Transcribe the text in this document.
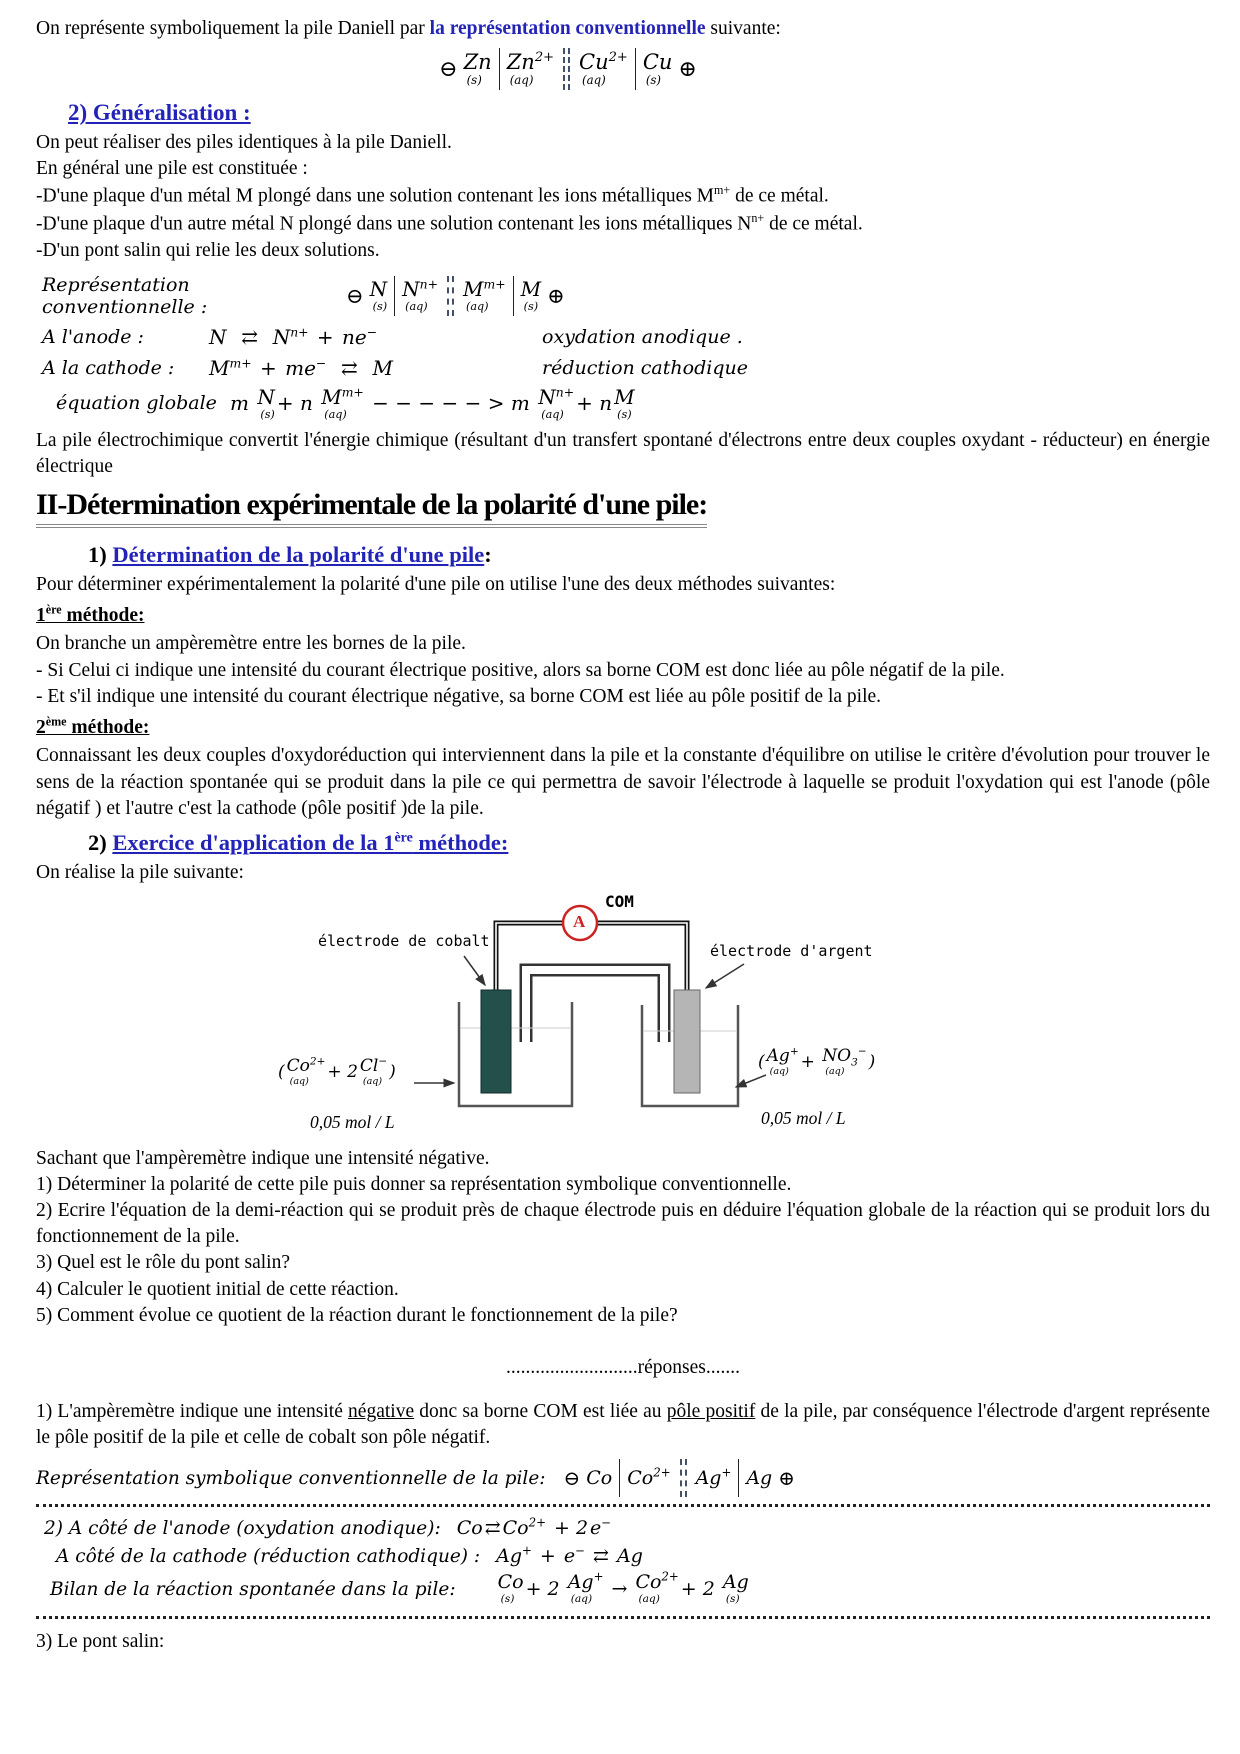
On représente symboliquement la pile Daniell par la représentation conventionnelle suivante:

⊖ Zn
(s)
$Zn^{2+}$
(aq)
$Cu^{2+}$
(aq)
Cu
(s) ⊕
2) Généralisation :

On peut réaliser des piles identiques à la pile Daniell.

En général une pile est constituée :

-D'une plaque d'un métal M plongé dans une solution contenant les ions métalliques $M^{m+}$ de ce métal.

-D'une plaque d'un autre métal N plongé dans une solution contenant les ions métalliques $N^{n+}$ de ce métal.

-D'un pont salin qui relie les deux solutions.

Représentation conventionnelle :	⊖ N
(s)
$N^{n+}$
(aq)
$M^{m+}$
(aq)
M
(s) ⊕
A l'anode :	N ⇄ $N^{n+} + ne^-$	oxydation anodique .
A la cathode :	$M^{m+} + me^-$ ⇄ M	réduction cathodique
équation globale m N
(s) + n $M^{m+}$
(aq) − − − − − > m $N^{n+}$
(aq) + n M
(s)

La pile électrochimique convertit l'énergie chimique (résultant d'un transfert spontané d'électrons entre deux couples oxydant - réducteur) en énergie électrique

II-Détermination expérimentale de la polarité d'une pile:
1) Détermination de la polarité d'une pile:

Pour déterminer expérimentalement la polarité d'une pile on utilise l'une des deux méthodes suivantes:

1ère méthode:

On branche un ampèremètre entre les bornes de la pile.

- Si Celui ci indique une intensité du courant électrique positive, alors sa borne COM est donc liée au pôle négatif de la pile.

- Et s'il indique une intensité du courant électrique négative, sa borne COM est liée au pôle positif de la pile.

2ème méthode:

Connaissant les deux couples d'oxydoréduction qui interviennent dans la pile et la constante d'équilibre on utilise le critère d'évolution pour trouver le sens de la réaction spontanée qui se produit dans la pile ce qui permettra de savoir l'électrode à laquelle se produit l'oxydation qui est l'anode (pôle négatif ) et l'autre c'est la cathode (pôle positif )de la pile.

2) Exercice d'application de la 1ère méthode:

On réalise la pile suivante:

A
COM
électrode de cobalt
électrode d'argent
( $Co^{2+}$
(aq) + 2 Cl−
(aq) )
0,05 mol / L
( Ag+
$(aq) + NO_3^-$
(aq) )
0,05 mol / L

Sachant que l'ampèremètre indique une intensité négative.

1) Déterminer la polarité de cette pile puis donner sa représentation symbolique conventionnelle.

2) Ecrire l'équation de la demi-réaction qui se produit près de chaque électrode puis en déduire l'équation globale de la réaction qui se produit lors du fonctionnement de la pile.

3) Quel est le rôle du pont salin?

4) Calculer le quotient initial de cette réaction.

5) Comment évolue ce quotient de la réaction durant le fonctionnement de la pile?

...........................réponses.......

1) L'ampèremètre indique une intensité négative donc sa borne COM est liée au pôle positif de la pile, par conséquence l'électrode d'argent représente le pôle positif de la pile et celle de cobalt son pôle négatif.

Représentation symbolique conventionnelle de la pile: ⊖ Co $Co^{2+}$ Ag+ Ag ⊕
2) A côté de l'anode (oxydation anodique): Co ⇄ $Co^{2+} + 2$ e−
A côté de la cathode (réduction cathodique) : Ag+ + e− ⇄ Ag
Bilan de la réaction spontanée dans la pile: Co
(s) + 2 Ag+
$(aq) \to Co^{2+}$
(aq) + 2 Ag
(s)

3) Le pont salin:
